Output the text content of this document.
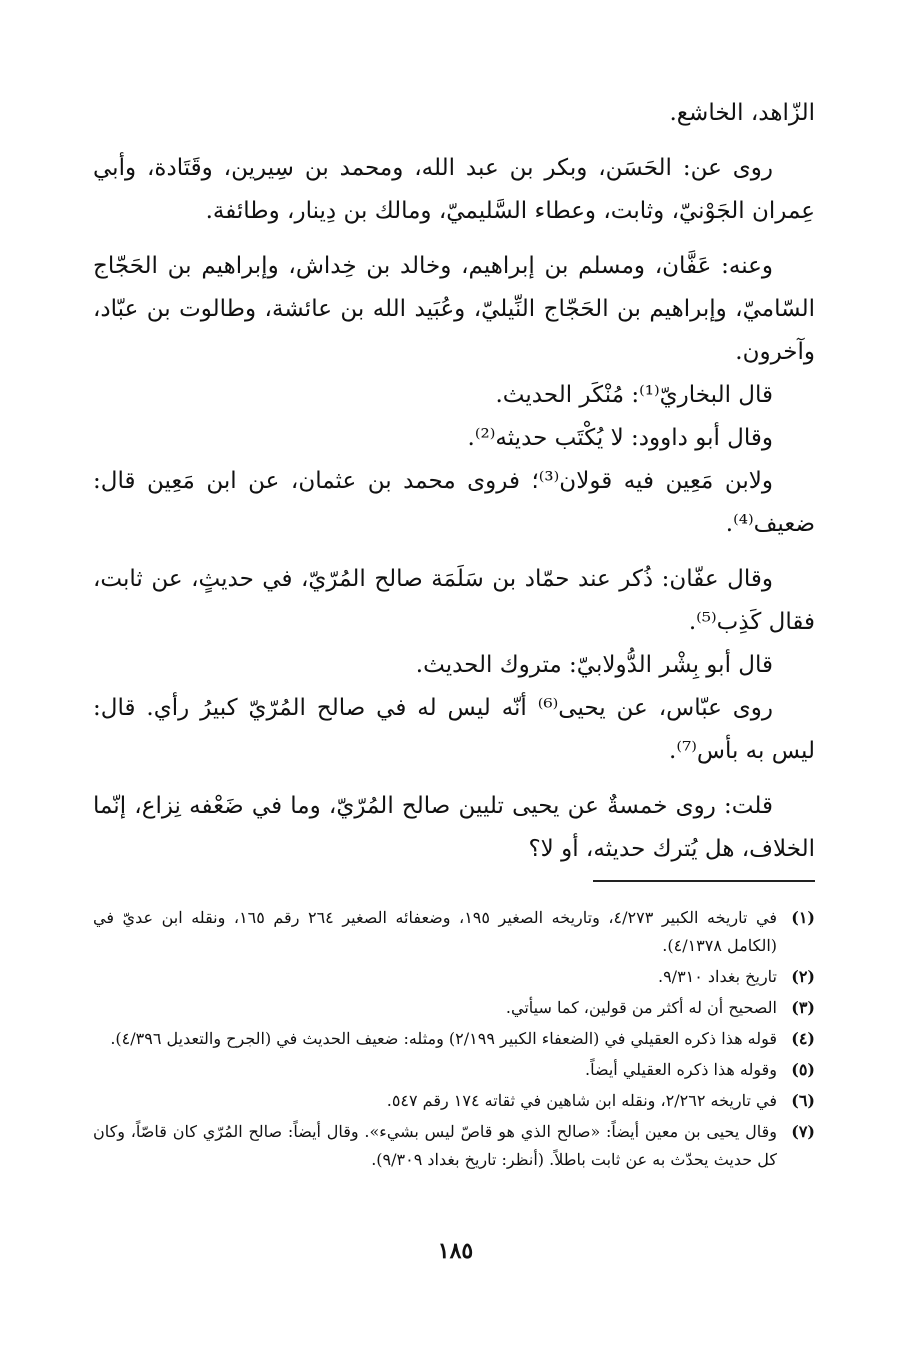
الزّاهد، الخاشع.

روى عن: الحَسَن، وبكر بن عبد الله، ومحمد بن سِيرين، وقَتَادة، وأبي عِمران الجَوْنيّ، وثابت، وعطاء السَّليميّ، ومالك بن دِينار، وطائفة.

وعنه: عَفَّان، ومسلم بن إبراهيم، وخالد بن خِداش، وإبراهيم بن الحَجّاج السّاميّ، وإبراهيم بن الحَجّاج النِّيليّ، وعُبَيد الله بن عائشة، وطالوت بن عبّاد، وآخرون.

قال البخاريّ⁽¹⁾: مُنْكَر الحديث.

وقال أبو داوود: لا يُكْتَب حديثه⁽²⁾.

ولابن مَعِين فيه قولان⁽³⁾؛ فروى محمد بن عثمان، عن ابن مَعِين قال: ضعيف⁽⁴⁾.

وقال عفّان: ذُكر عند حمّاد بن سَلَمَة صالح المُرّيّ، في حديثٍ، عن ثابت، فقال كَذِب⁽⁵⁾.

قال أبو بِشْر الدُّولابيّ: متروك الحديث.

روى عبّاس، عن يحيى⁽⁶⁾ أنّه ليس له في صالح المُرّيّ كبيرُ رأي. قال: ليس به بأس⁽⁷⁾.

قلت: روى خمسةٌ عن يحيى تليين صالح المُرّيّ، وما في ضَعْفه نِزاع، إنّما الخلاف، هل يُترك حديثه، أو لا؟

(١)
في تاريخه الكبير ٤/٢٧٣، وتاريخه الصغير ١٩٥، وضعفائه الصغير ٢٦٤ رقم ١٦٥، ونقله ابن عديّ في (الكامل ٤/١٣٧٨).
(٢)
تاريخ بغداد ٩/٣١٠.
(٣)
الصحيح أن له أكثر من قولين، كما سيأتي.
(٤)
قوله هذا ذكره العقيلي في (الضعفاء الكبير ٢/١٩٩) ومثله: ضعيف الحديث في (الجرح والتعديل ٤/٣٩٦).
(٥)
وقوله هذا ذكره العقيلي أيضاً.
(٦)
في تاريخه ٢/٢٦٢، ونقله ابن شاهين في ثقاته ١٧٤ رقم ٥٤٧.
(٧)
وقال يحيى بن معين أيضاً: «صالح الذي هو قاصّ ليس بشيء». وقال أيضاً: صالح المُرّي كان قاصّاً، وكان كل حديث يحدّث به عن ثابت باطلاً. (أنظر: تاريخ بغداد ٩/٣٠٩).
١٨٥
